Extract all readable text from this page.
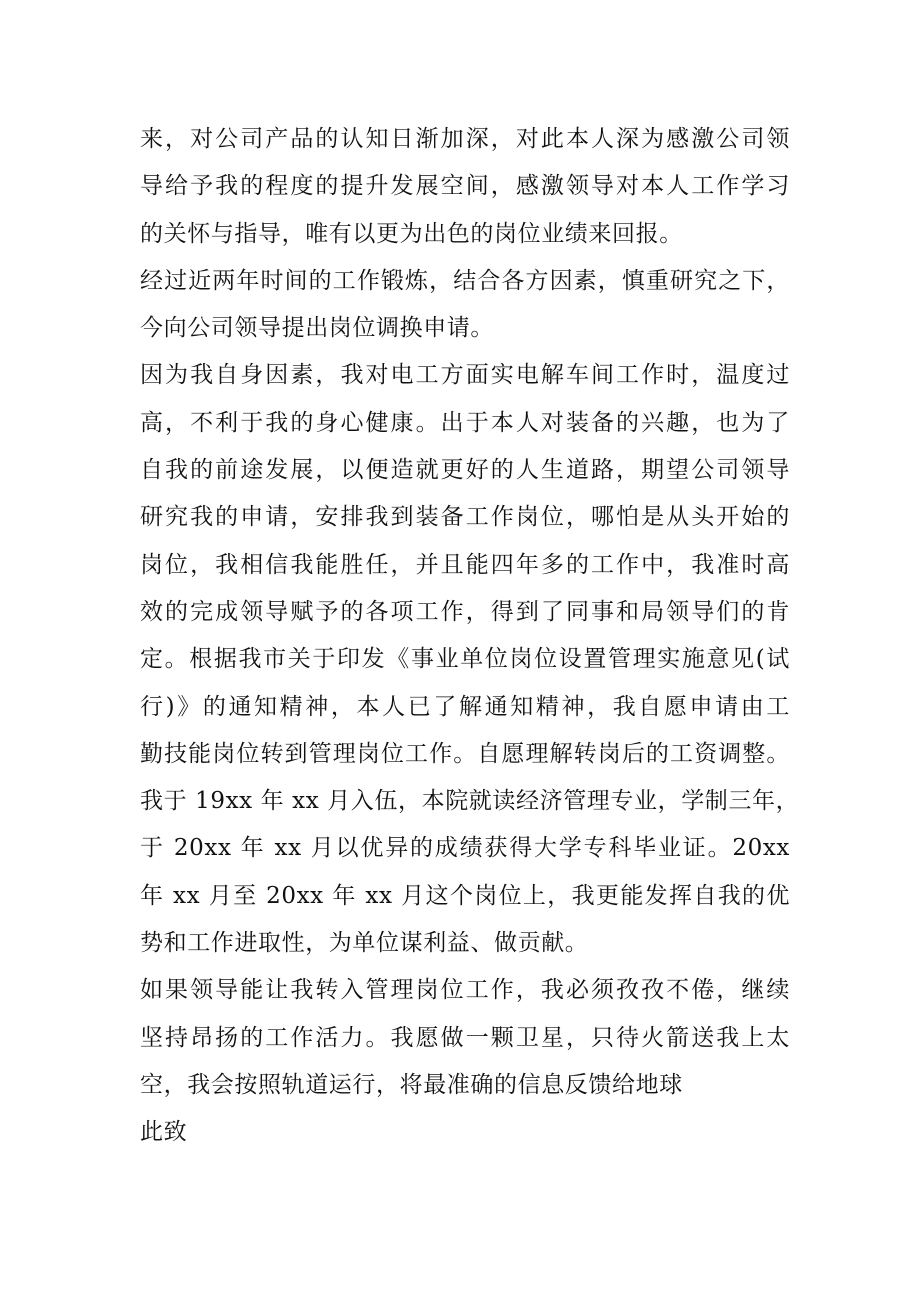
来，对公司产品的认知日渐加深，对此本人深为感激公司领
导给予我的程度的提升发展空间，感激领导对本人工作学习
的关怀与指导，唯有以更为出色的岗位业绩来回报。
经过近两年时间的工作锻炼，结合各方因素，慎重研究之下，
今向公司领导提出岗位调换申请。
因为我自身因素，我对电工方面实电解车间工作时，温度过
高，不利于我的身心健康。出于本人对装备的兴趣，也为了
自我的前途发展，以便造就更好的人生道路，期望公司领导
研究我的申请，安排我到装备工作岗位，哪怕是从头开始的
岗位，我相信我能胜任，并且能四年多的工作中，我准时高
效的完成领导赋予的各项工作，得到了同事和局领导们的肯
定。根据我市关于印发《事业单位岗位设置管理实施意见(试
行)》的通知精神，本人已了解通知精神，我自愿申请由工
勤技能岗位转到管理岗位工作。自愿理解转岗后的工资调整。
我于 19xx 年 xx 月入伍，本院就读经济管理专业，学制三年，
于 20xx 年 xx 月以优异的成绩获得大学专科毕业证。20xx
年 xx 月至 20xx 年 xx 月这个岗位上，我更能发挥自我的优
势和工作进取性，为单位谋利益、做贡献。
如果领导能让我转入管理岗位工作，我必须孜孜不倦，继续
坚持昂扬的工作活力。我愿做一颗卫星，只待火箭送我上太
空，我会按照轨道运行，将最准确的信息反馈给地球
此致
